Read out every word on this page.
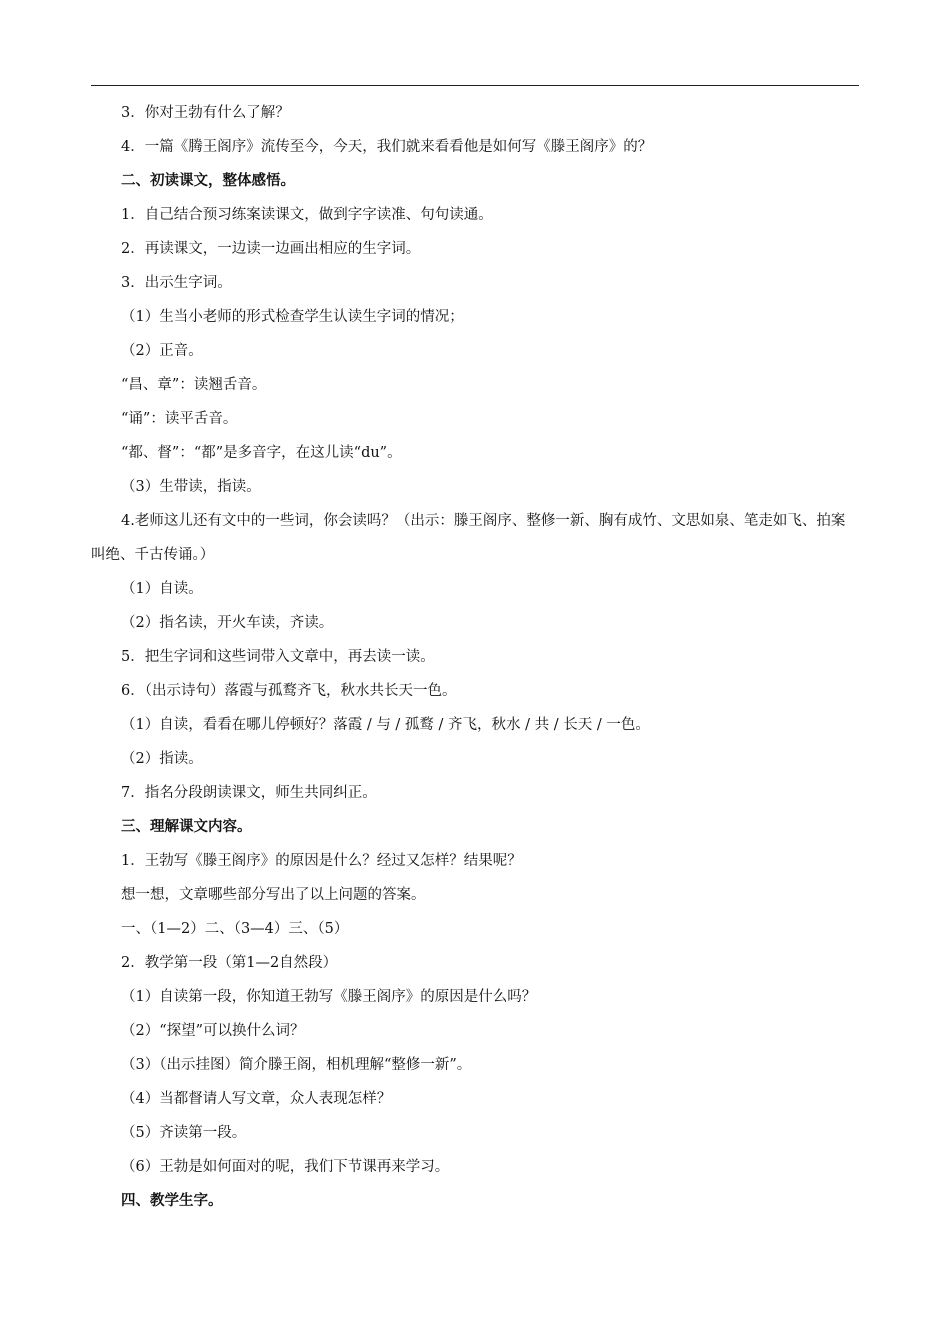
3．你对王勃有什么了解？
4．一篇《腾王阁序》流传至今，今天，我们就来看看他是如何写《滕王阁序》的？
二、初读课文，整体感悟。
1．自己结合预习练案读课文，做到字字读准、句句读通。
2．再读课文，一边读一边画出相应的生字词。
3．出示生字词。
（1）生当小老师的形式检查学生认读生字词的情况；
（2）正音。
“昌、章”：读翘舌音。
“诵”：读平舌音。
“都、督”：“都”是多音字，在这儿读“du”。
（3）生带读，指读。
4.老师这儿还有文中的一些词，你会读吗？（出示：滕王阁序、整修一新、胸有成竹、文思如泉、笔走如飞、拍案叫绝、千古传诵。）
（1）自读。
（2）指名读，开火车读，齐读。
5．把生字词和这些词带入文章中，再去读一读。
6．（出示诗句）落霞与孤鹜齐飞，秋水共长天一色。
（1）自读，看看在哪儿停顿好？落霞 / 与 / 孤鹜 / 齐飞，秋水 / 共 / 长天 / 一色。
（2）指读。
7．指名分段朗读课文，师生共同纠正。
三、理解课文内容。
1．王勃写《滕王阁序》的原因是什么？经过又怎样？结果呢？
想一想，文章哪些部分写出了以上问题的答案。
一、（1—2）二、（3—4）三、（5）
2．教学第一段（第1—2自然段）
（1）自读第一段，你知道王勃写《滕王阁序》的原因是什么吗？
（2）“探望”可以换什么词？
（3）（出示挂图）简介滕王阁，相机理解“整修一新”。
（4）当都督请人写文章，众人表现怎样？
（5）齐读第一段。
（6）王勃是如何面对的呢，我们下节课再来学习。
四、教学生字。
